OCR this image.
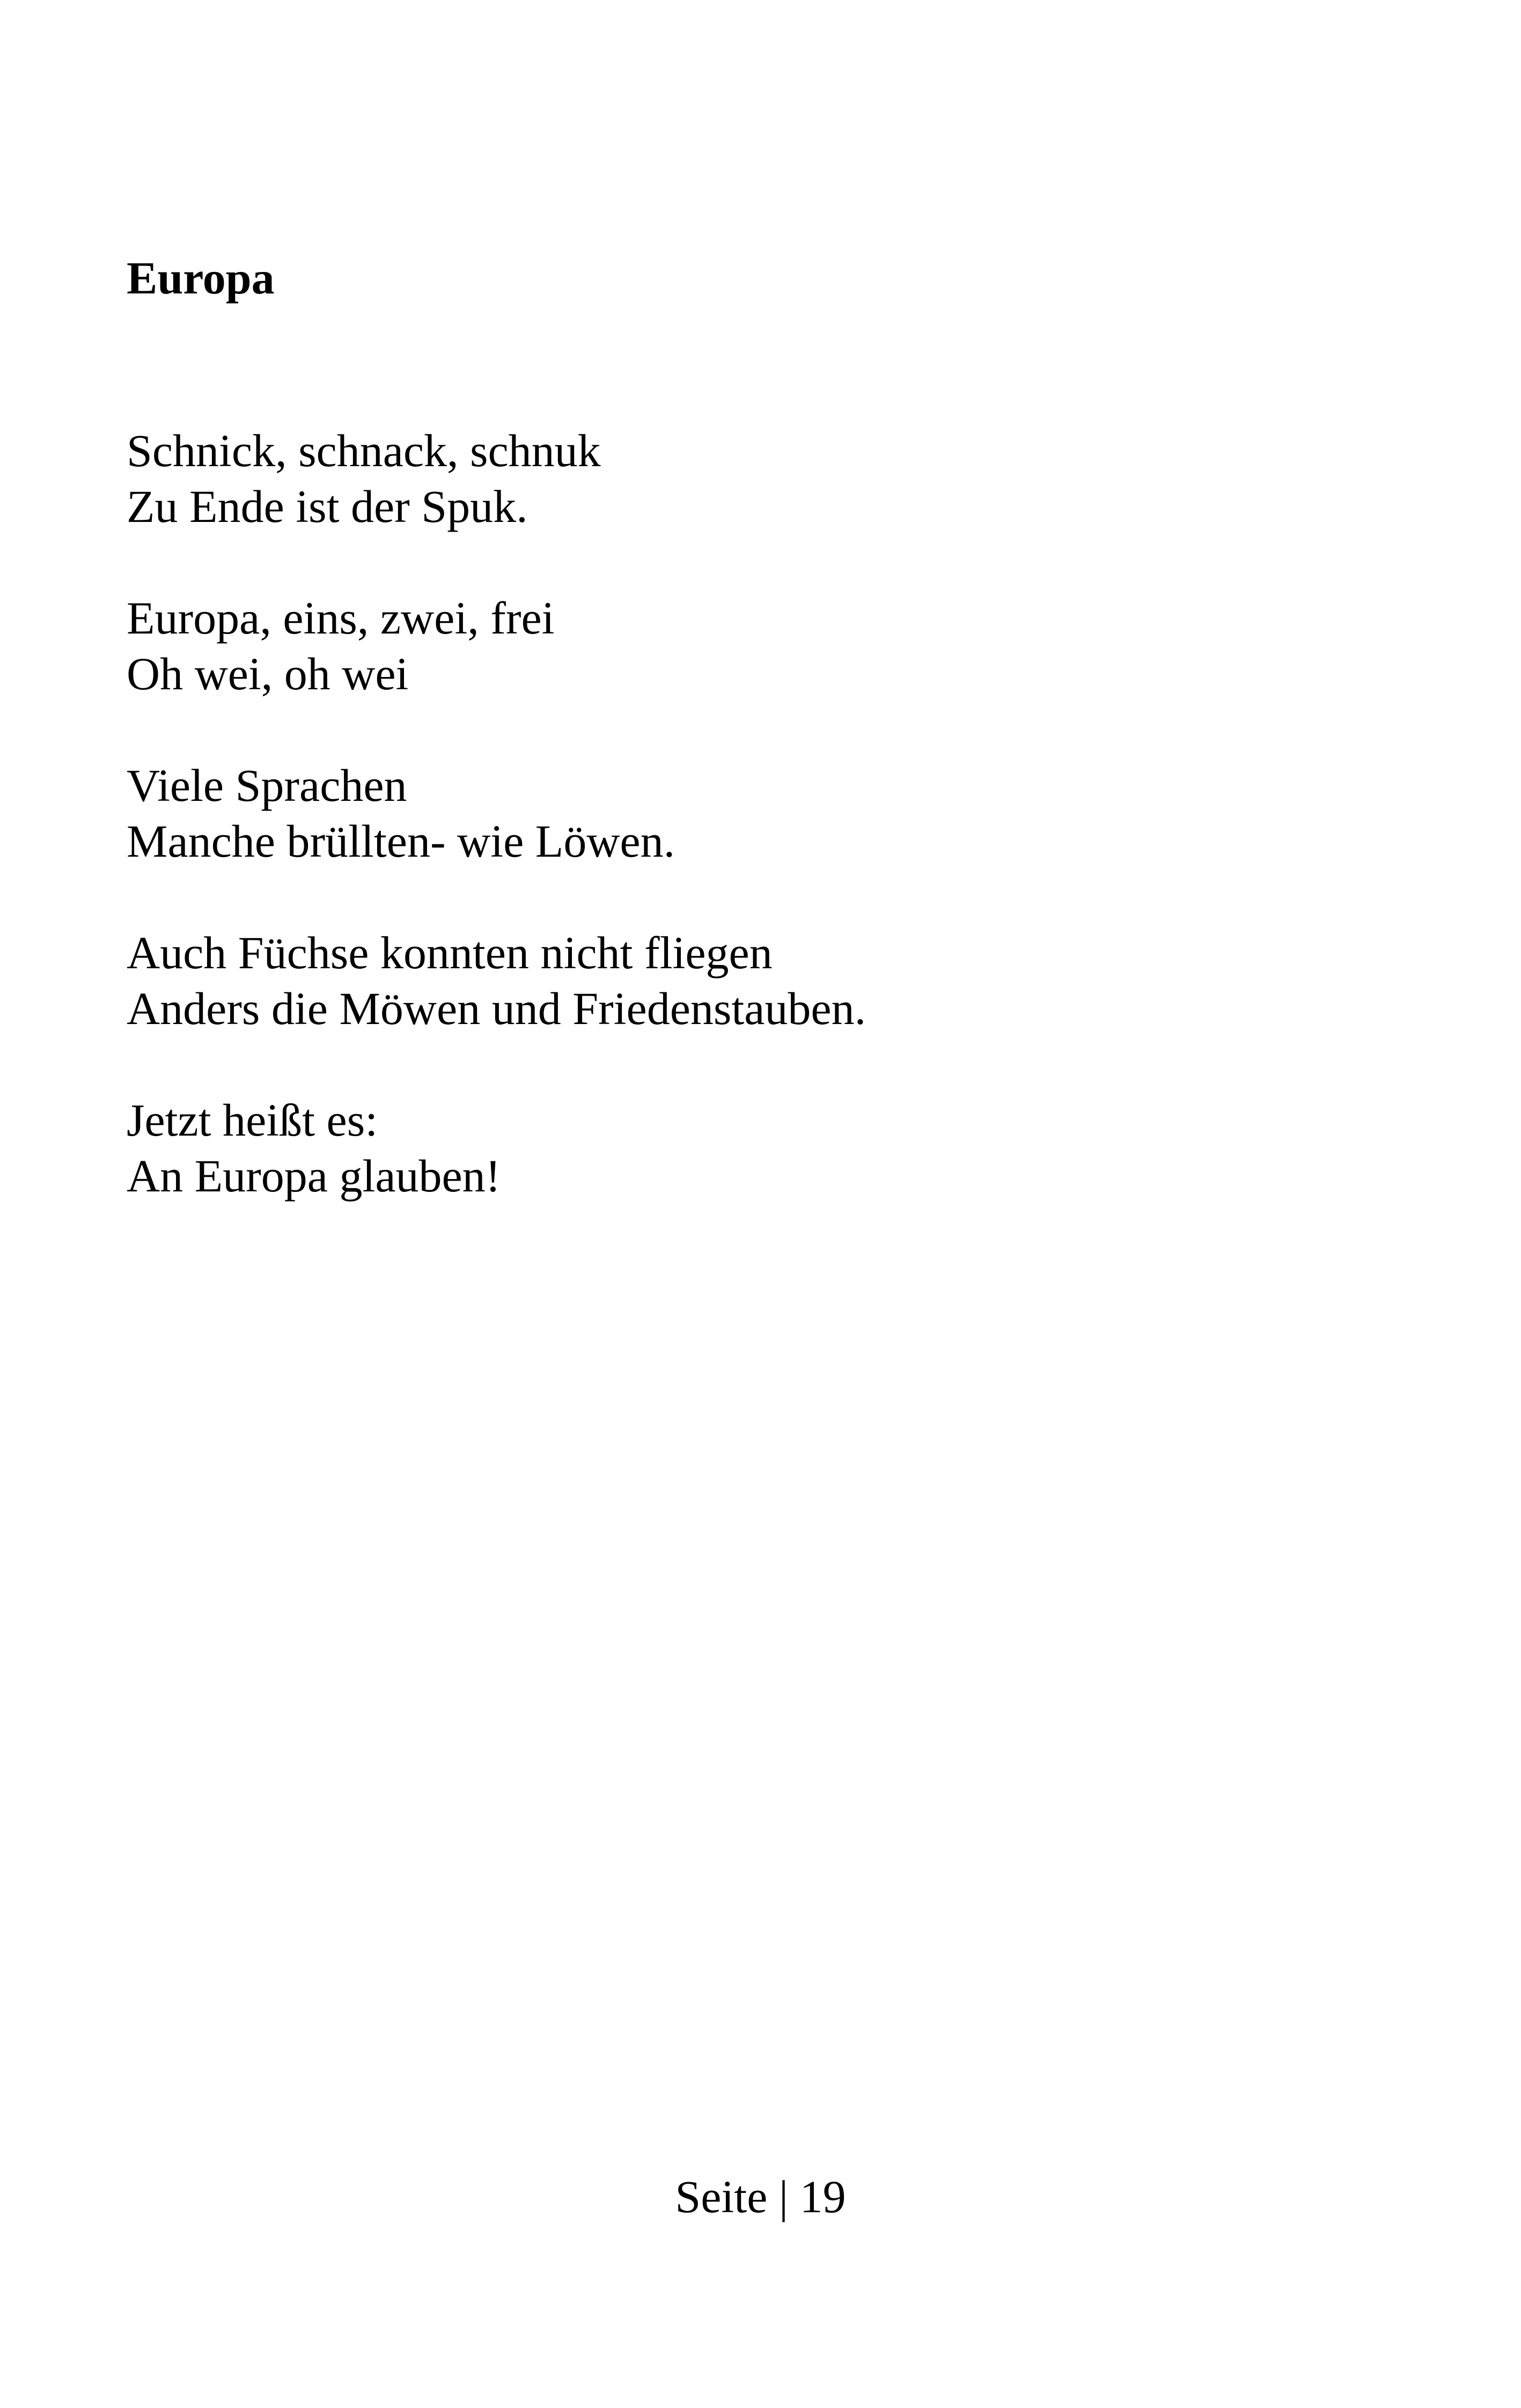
Europa
Schnick, schnack, schnuk
Zu Ende ist der Spuk.
Europa, eins, zwei, frei
Oh wei, oh wei
Viele Sprachen
Manche brüllten- wie Löwen.
Auch Füchse konnten nicht fliegen
Anders die Möwen und Friedenstauben.
Jetzt heißt es:
An Europa glauben!
Seite | 19
